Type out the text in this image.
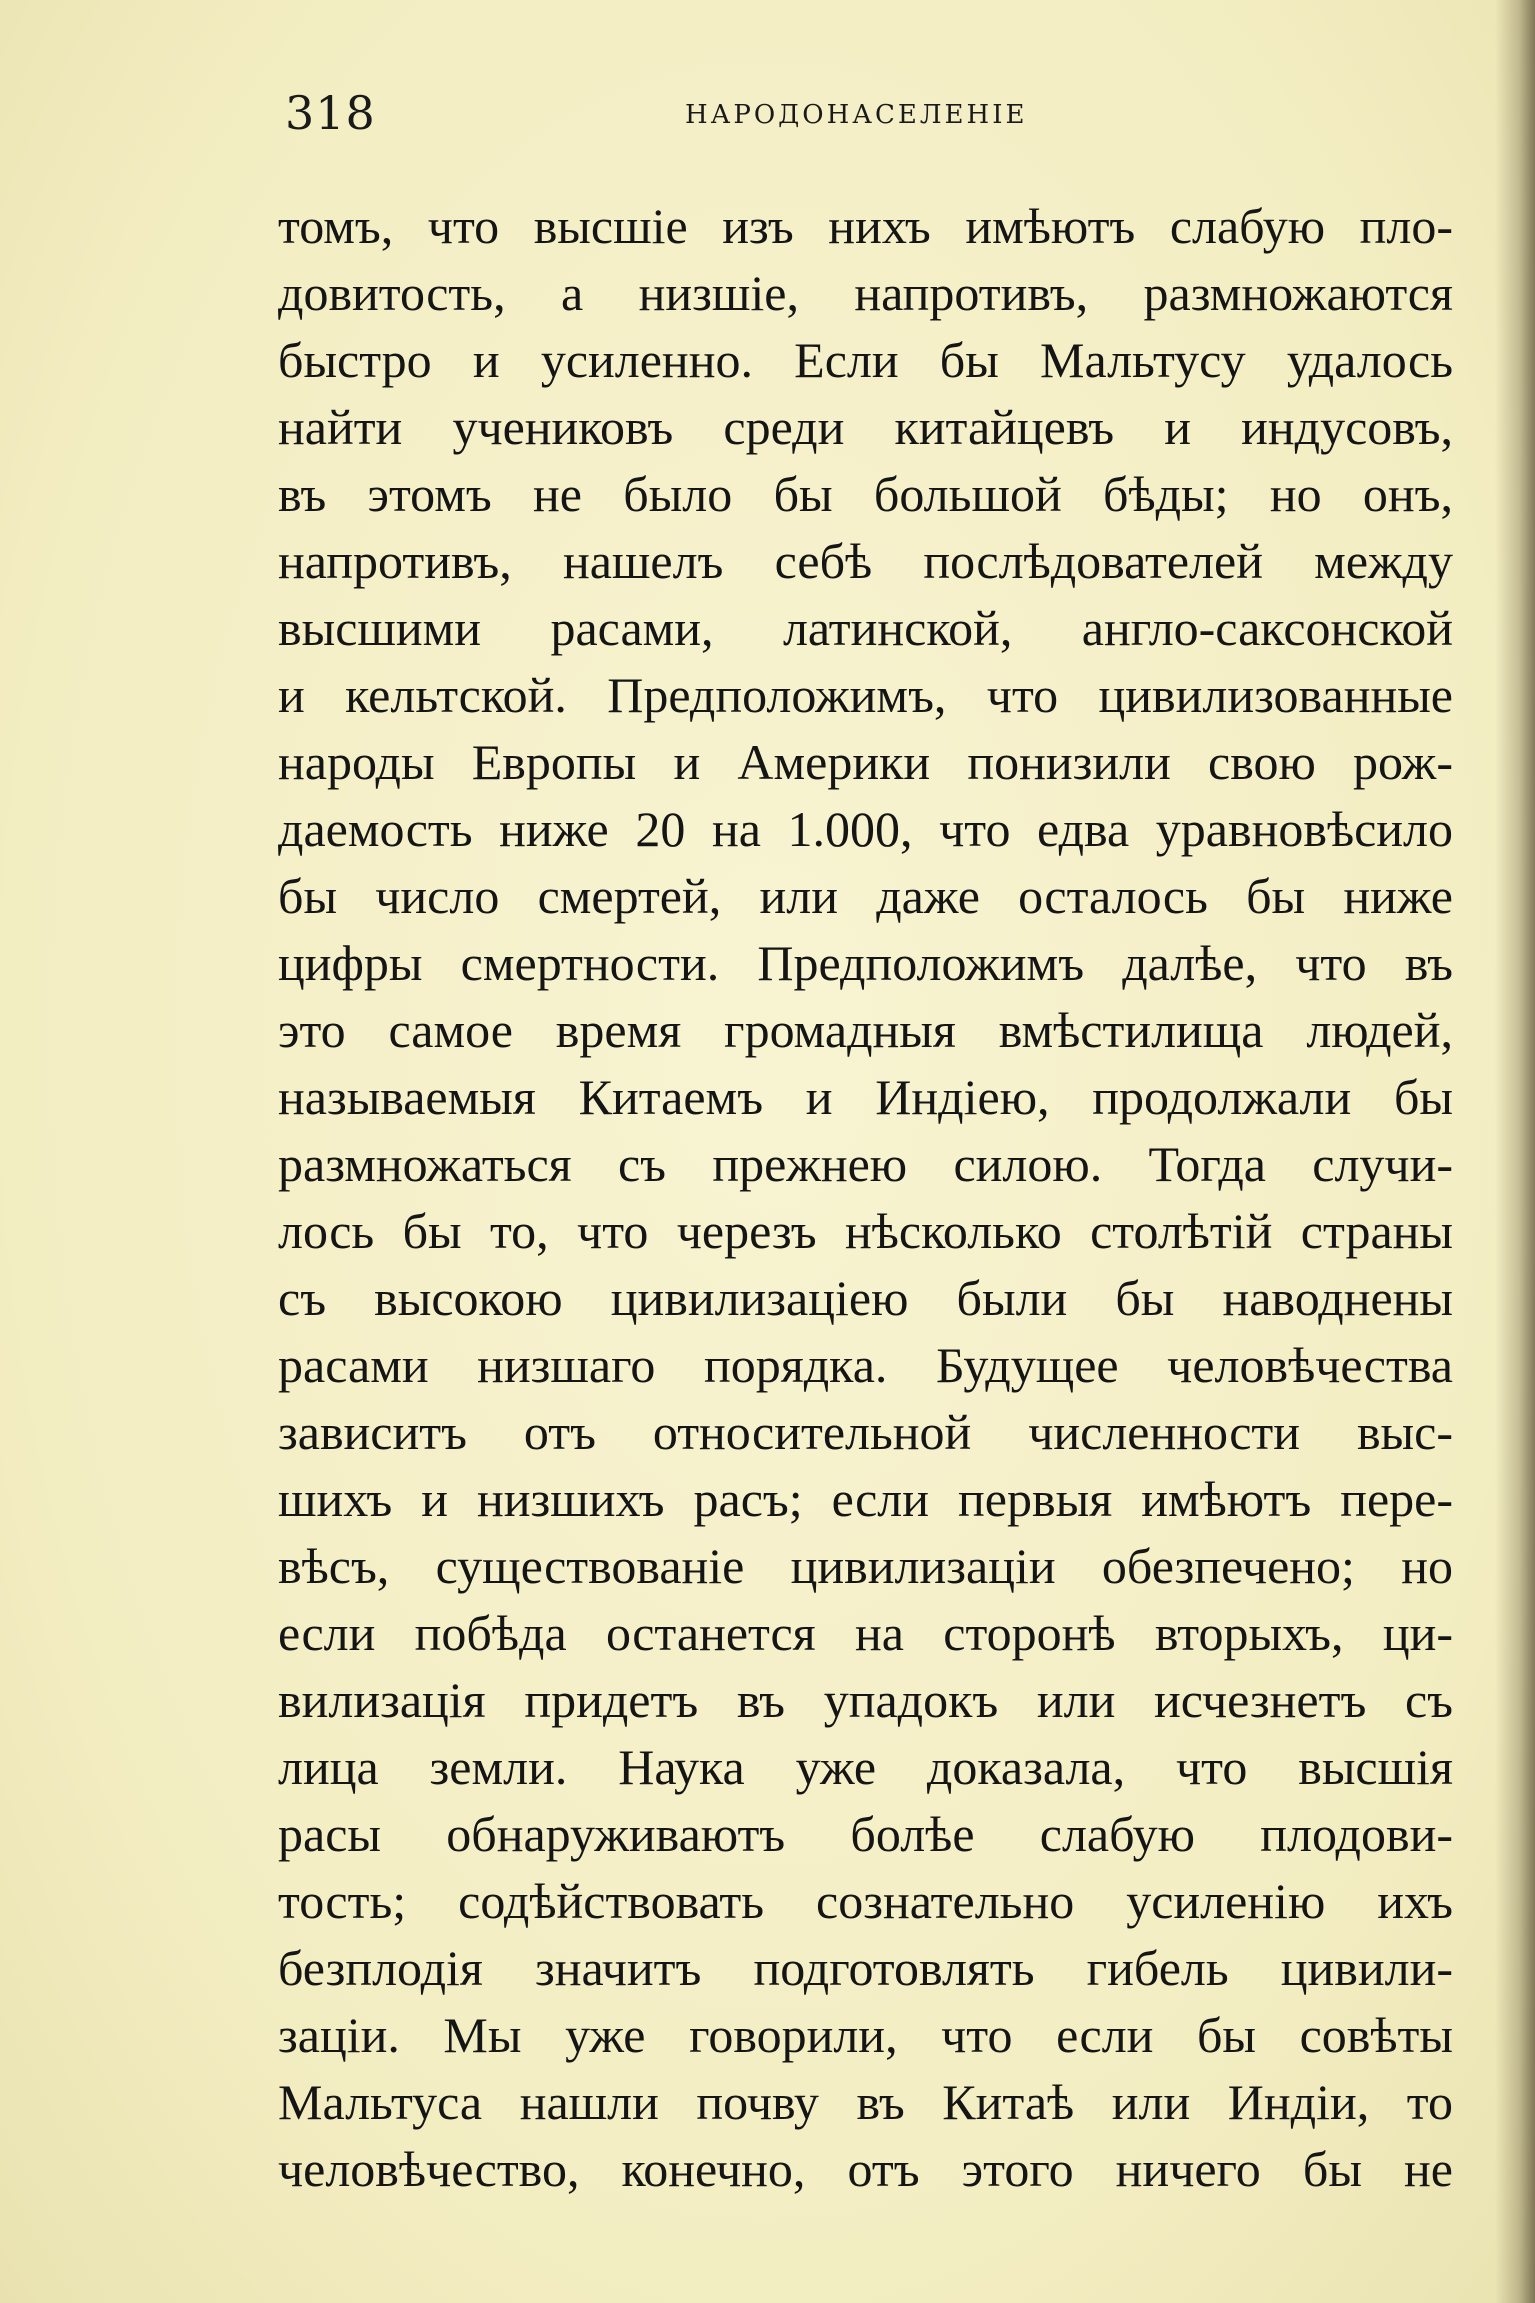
318	НАРОДОНАСЕЛЕНІЕ
томъ, что высшіе изъ нихъ имѣютъ слабую пло-
довитость, а низшіе, напротивъ, размножаются
быстро и усиленно. Если бы Мальтусу удалось
найти учениковъ среди китайцевъ и индусовъ,
въ этомъ не было бы большой бѣды; но онъ,
напротивъ, нашелъ себѣ послѣдователей между
высшими расами, латинской, англо-саксонской
и кельтской. Предположимъ, что цивилизованные
народы Европы и Америки понизили свою рож-
даемость ниже 20 на 1.000, что едва уравновѣсило
бы число смертей, или даже осталось бы ниже
цифры смертности. Предположимъ далѣе, что въ
это самое время громадныя вмѣстилища людей,
называемыя Китаемъ и Индіею, продолжали бы
размножаться съ прежнею силою. Тогда случи-
лось бы то, что черезъ нѣсколько столѣтій страны
съ высокою цивилизаціею были бы наводнены
расами низшаго порядка. Будущее человѣчества
зависитъ отъ относительной численности выс-
шихъ и низшихъ расъ; если первыя имѣютъ пере-
вѣсъ, существованіе цивилизаціи обезпечено; но
если побѣда останется на сторонѣ вторыхъ, ци-
вилизація придетъ въ упадокъ или исчезнетъ съ
лица земли. Наука уже доказала, что высшія
расы обнаруживаютъ болѣе слабую плодови-
тость; содѣйствовать сознательно усиленію ихъ
безплодія значитъ подготовлять гибель цивили-
заціи. Мы уже говорили, что если бы совѣты
Мальтуса нашли почву въ Китаѣ или Индіи, то
человѣчество, конечно, отъ этого ничего бы не
